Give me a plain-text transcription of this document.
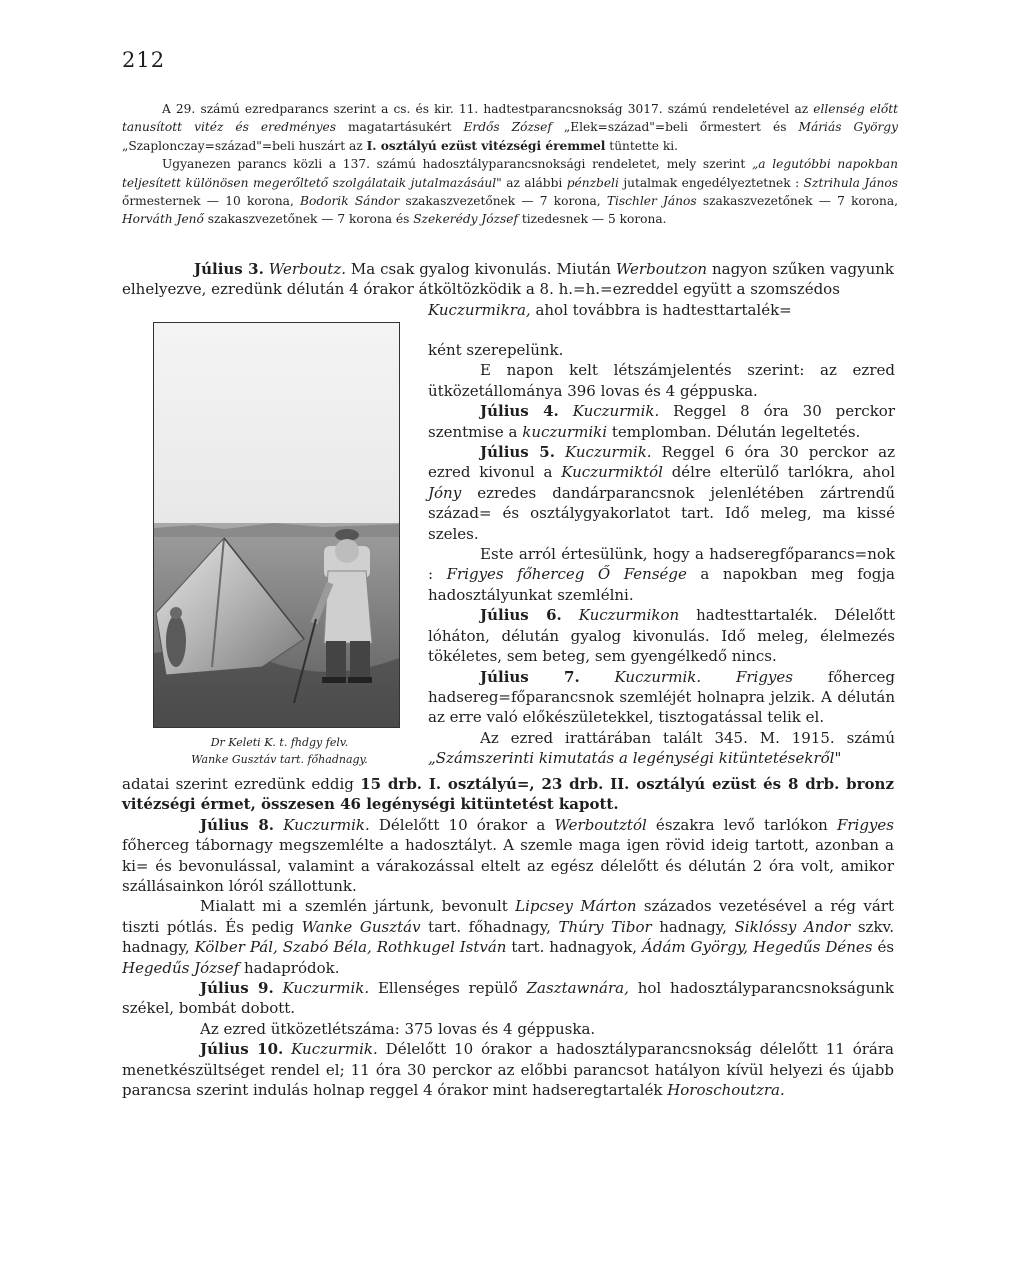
212

A 29. számú ezredparancs szerint a cs. és kir. 11. hadtestparancsnokság 3017. számú rendeletével az ellenség előtt tanusított vitéz és eredményes magatartásukért Erdős Zózsef „Elek=század"=beli őrmestert és Máriás György „Szaplonczay=század"=beli huszárt az I. osztályú ezüst vitézségi éremmel tüntette ki.

Ugyanezen parancs közli a 137. számú hadosztályparancsnoksági rendeletet, mely szerint „a legutóbbi napokban teljesített különösen megerőltető szolgálataik jutalmazásául" az alábbi pénzbeli jutalmak engedélyeztetnek : Sztrihula János őrmesternek — 10 korona, Bodorik Sándor szakaszvezetőnek — 7 korona, Tischler János szakaszvezetőnek — 7 korona, Horváth Jenő szakaszvezetőnek — 7 korona és Szekerédy József tizedesnek — 5 korona.

Július 3. Werboutz. Ma csak gyalog kivonulás. Miután Werboutzon nagyon szűken vagyunk elhelyezve, ezredünk délután 4 órakor átköltözködik a 8. h.=h.=ezreddel együtt a szomszédos

Kuczurmikra, ahol továbbra is hadtesttartalék=

Dr Keleti K. t. fhdgy felv.
Wanke Gusztáv tart. főhadnagy.

ként szerepelünk.

E napon kelt létszámjelentés szerint: az ezred ütközetállománya 396 lovas és 4 géppuska.

Július 4. Kuczurmik. Reggel 8 óra 30 perckor szentmise a kuczurmiki templomban. Délután legeltetés.

Július 5. Kuczurmik. Reggel 6 óra 30 perckor az ezred kivonul a Kuczurmiktól délre elterülő tarlókra, ahol Jóny ezredes dandárparancsnok jelenlétében zártrendű század= és osztálygyakorlatot tart. Idő meleg, ma kissé szeles.

Este arról értesülünk, hogy a hadseregfőparancs=nok : Frigyes főherceg Ő Fensége a napokban meg fogja hadosztályunkat szemlélni.

Július 6. Kuczurmikon hadtesttartalék. Délelőtt lóháton, délután gyalog kivonulás. Idő meleg, élelmezés tökéletes, sem beteg, sem gyengélkedő nincs.

Július 7. Kuczurmik. Frigyes főherceg hadsereg=főparancsnok szemléjét holnapra jelzik. A délután az erre való előkészületekkel, tisztogatással telik el.

Az ezred irattárában talált 345. M. 1915. számú „Számszerinti kimutatás a legénységi kitüntetésekről"

adatai szerint ezredünk eddig 15 drb. I. osztályú=, 23 drb. II. osztályú ezüst és 8 drb. bronz vitézségi érmet, összesen 46 legénységi kitüntetést kapott.

Július 8. Kuczurmik. Délelőtt 10 órakor a Werboutztól északra levő tarlókon Frigyes főherceg tábornagy megszemlélte a hadosztályt. A szemle maga igen rövid ideig tartott, azonban a ki= és bevonulással, valamint a várakozással eltelt az egész délelőtt és délután 2 óra volt, amikor szállásainkon lóról szállottunk.

Mialatt mi a szemlén jártunk, bevonult Lipcsey Márton százados vezetésével a rég várt tiszti pótlás. És pedig Wanke Gusztáv tart. főhadnagy, Thúry Tibor hadnagy, Siklóssy Andor szkv. hadnagy, Kölber Pál, Szabó Béla, Rothkugel István tart. hadnagyok, Ádám György, Hegedűs Dénes és Hegedűs József hadapródok.

Július 9. Kuczurmik. Ellenséges repülő Zasztawnára, hol hadosztályparancsnokságunk székel, bombát dobott.

Az ezred ütközetlétszáma: 375 lovas és 4 géppuska.

Július 10. Kuczurmik. Délelőtt 10 órakor a hadosztályparancsnokság délelőtt 11 órára menetkészültséget rendel el; 11 óra 30 perckor az előbbi parancsot hatályon kívül helyezi és újabb parancsa szerint indulás holnap reggel 4 órakor mint hadseregtartalék Horoschoutzra.
